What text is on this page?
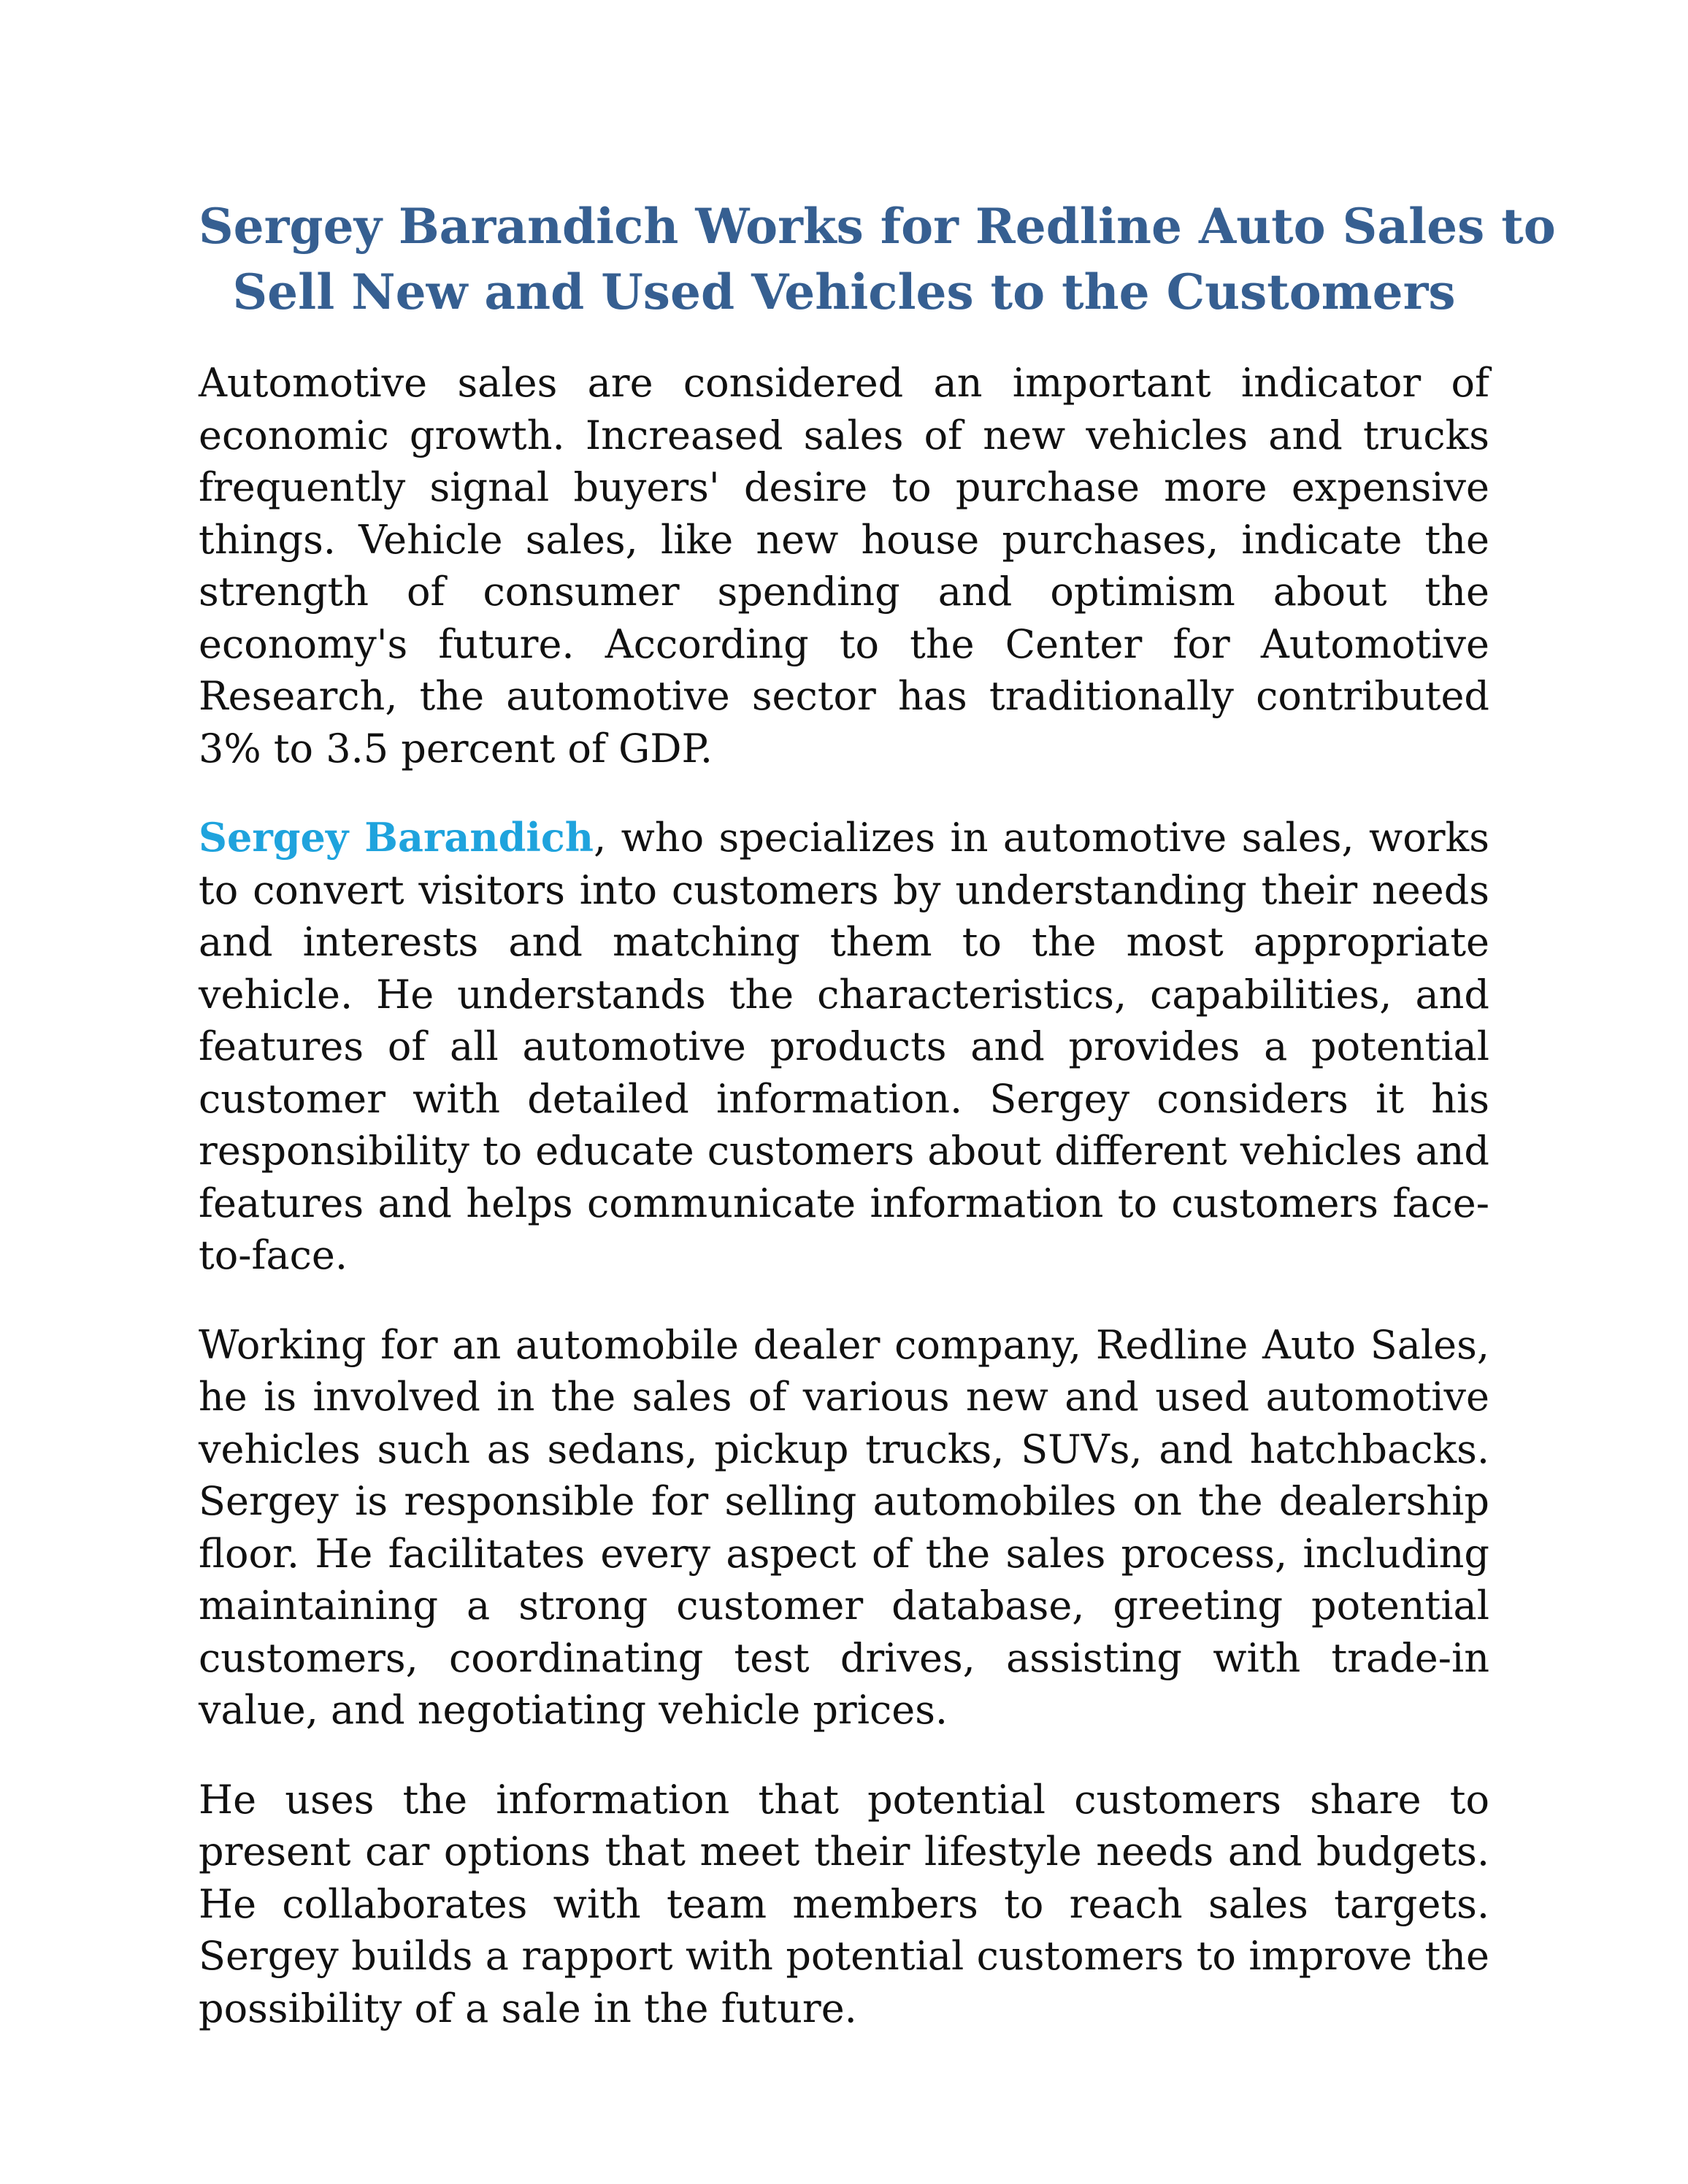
Sergey Barandich Works for Redline Auto Sales to
Sell New and Used Vehicles to the Customers

Automotive sales are considered an important indicator of economic growth. Increased sales of new vehicles and trucks frequently signal buyers' desire to purchase more expensive things. Vehicle sales, like new house purchases, indicate the strength of consumer spending and optimism about the economy's future. According to the Center for Automotive Research, the automotive sector has traditionally contributed 3% to 3.5 percent of GDP.

Sergey Barandich, who specializes in automotive sales, works to convert visitors into customers by understanding their needs and interests and matching them to the most appropriate vehicle. He understands the characteristics, capabilities, and features of all automotive products and provides a potential customer with detailed information. Sergey considers it his responsibility to educate customers about different vehicles and features and helps communicate information to customers face-to-face.

Working for an automobile dealer company, Redline Auto Sales, he is involved in the sales of various new and used automotive vehicles such as sedans, pickup trucks, SUVs, and hatchbacks. Sergey is responsible for selling automobiles on the dealership floor. He facilitates every aspect of the sales process, including maintaining a strong customer database, greeting potential customers, coordinating test drives, assisting with trade-in value, and negotiating vehicle prices.

He uses the information that potential customers share to present car options that meet their lifestyle needs and budgets. He collaborates with team members to reach sales targets. Sergey builds a rapport with potential customers to improve the possibility of a sale in the future.
